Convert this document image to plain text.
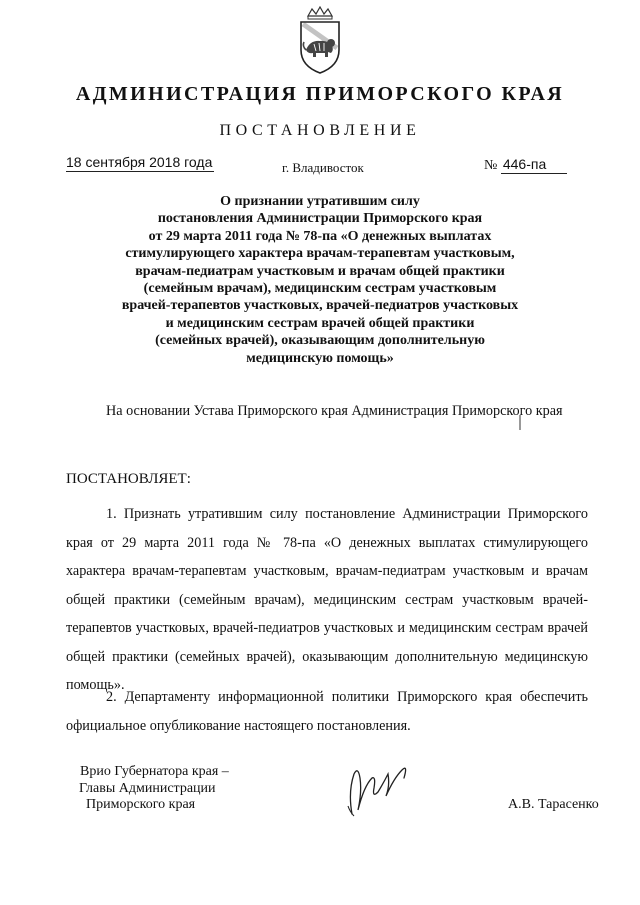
АДМИНИСТРАЦИЯ ПРИМОРСКОГО КРАЯ
ПОСТАНОВЛЕНИЕ
18 сентября 2018 года	г. Владивосток	№ 446-па
О признании утратившим силу
постановления Администрации Приморского края
от 29 марта 2011 года № 78-па «О денежных выплатах
стимулирующего характера врачам-терапевтам участковым,
врачам-педиатрам участковым и врачам общей практики
(семейным врачам), медицинским сестрам участковым
врачей-терапевтов участковых, врачей-педиатров участковых
и медицинским сестрам врачей общей практики
(семейных врачей), оказывающим дополнительную
медицинскую помощь»
На основании Устава Приморского края Администрация Приморского края
ПОСТАНОВЛЯЕТ:
1. Признать утратившим силу постановление Администрации Приморского края от 29 марта 2011 года № 78-па «О денежных выплатах стимулирующего характера врачам-терапевтам участковым, врачам-педиатрам участковым и врачам общей практики (семейным врачам), медицинским сестрам участковым врачей-терапевтов участковых, врачей-педиатров участковых и медицинским сестрам врачей общей практики (семейных врачей), оказывающим дополнительную медицинскую помощь».
2. Департаменту информационной политики Приморского края обеспечить официальное опубликование настоящего постановления.
Врио Губернатора края –
Главы Администрации
Приморского края	А.В. Тарасенко
